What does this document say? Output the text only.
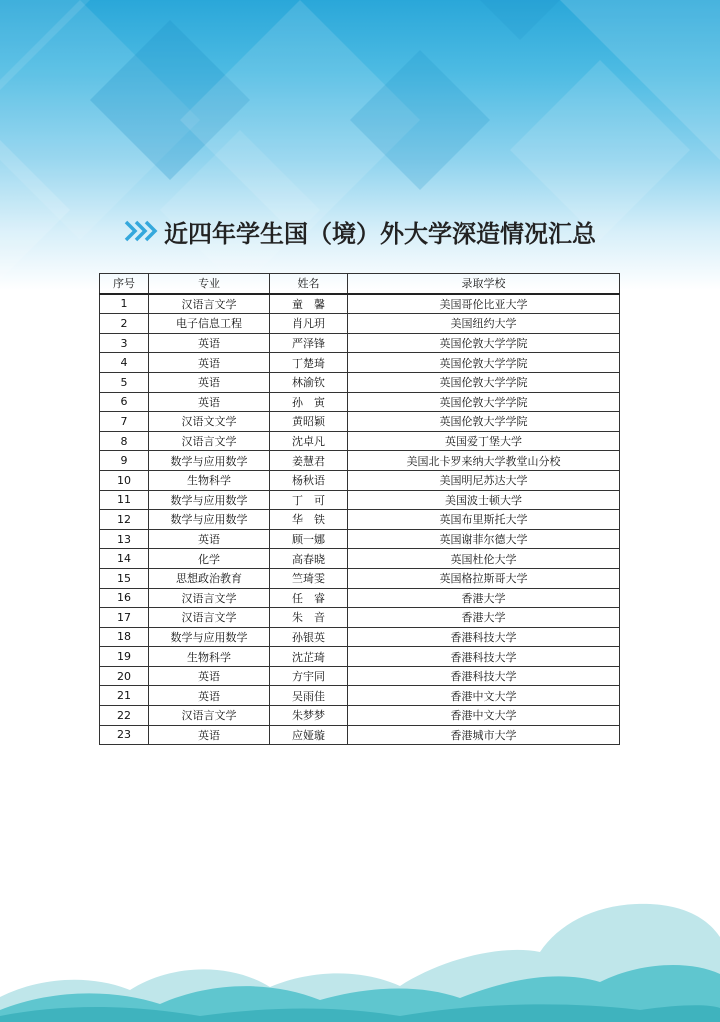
近四年学生国（境）外大学深造情况汇总
序号	专业	姓名	录取学校
1	汉语言文学	童　馨	美国哥伦比亚大学
2	电子信息工程	肖凡玥	美国纽约大学
3	英语	严泽锋	英国伦敦大学学院
4	英语	丁楚琦	英国伦敦大学学院
5	英语	林渝钦	英国伦敦大学学院
6	英语	孙　寅	英国伦敦大学学院
7	汉语文文学	黄昭颖	英国伦敦大学学院
8	汉语言文学	沈卓凡	英国爱丁堡大学
9	数学与应用数学	姜慧君	美国北卡罗来纳大学教堂山分校
10	生物科学	杨秋语	美国明尼苏达大学
11	数学与应用数学	丁　可	美国波士顿大学
12	数学与应用数学	华　铁	英国布里斯托大学
13	英语	顾一娜	英国谢菲尔德大学
14	化学	高春晓	英国杜伦大学
15	思想政治教育	竺琦雯	英国格拉斯哥大学
16	汉语言文学	任　睿	香港大学
17	汉语言文学	朱　音	香港大学
18	数学与应用数学	孙银英	香港科技大学
19	生物科学	沈芷琦	香港科技大学
20	英语	方宇同	香港科技大学
21	英语	吴雨佳	香港中文大学
22	汉语言文学	朱梦梦	香港中文大学
23	英语	应娅璇	香港城市大学
